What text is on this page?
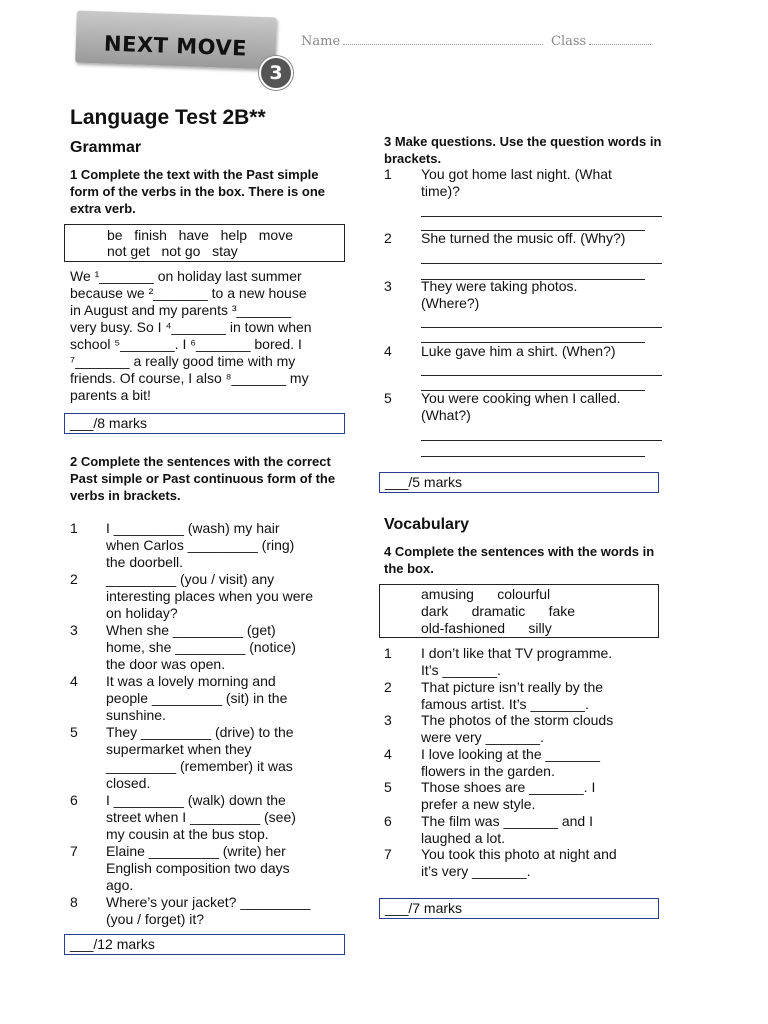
NEXT MOVE
3
Name	Class
Language Test 2B**
Grammar
1 Complete the text with the Past simple form of the verbs in the box. There is one extra verb.
be   finish   have   help   move
not get   not go   stay
___/8 marks
2 Complete the sentences with the correct Past simple or Past continuous form of the verbs in brackets.
___/12 marks
3 Make questions. Use the question words in brackets.
___/5 marks
Vocabulary
4 Complete the sentences with the words in the box.
amusing      colourful
dark      dramatic      fake
old-fashioned      silly
___/7 marks
We ¹_______ on holiday last summer
because we ²_______ to a new house
in August and my parents ³_______
very busy. So I ⁴_______ in town when
school ⁵_______. I ⁶_______ bored. I
⁷_______ a really good time with my
friends. Of course, I also ⁸_______ my
parents a bit!
1 I _________ (wash) my hair
when Carlos _________ (ring)
the doorbell.
2 _________ (you / visit) any
interesting places when you were
on holiday?
3 When she _________ (get)
home, she _________ (notice)
the door was open.
4 It was a lovely morning and
people _________ (sit) in the
sunshine.
5 They _________ (drive) to the
supermarket when they
_________ (remember) it was
closed.
6 I _________ (walk) down the
street when I _________ (see)
my cousin at the bus stop.
7 Elaine _________ (write) her
English composition two days
ago.
8 Where’s your jacket? _________
(you / forget) it?
1 You got home last night. (What
time)?
2 She turned the music off. (Why?)
3 They were taking photos.
(Where?)
4 Luke gave him a shirt. (When?)
5 You were cooking when I called.
(What?)
1 I don’t like that TV programme.
It’s _______.
2 That picture isn’t really by the
famous artist. It’s _______.
3 The photos of the storm clouds
were very _______.
4 I love looking at the _______
flowers in the garden.
5 Those shoes are _______. I
prefer a new style.
6 The film was _______ and I
laughed a lot.
7 You took this photo at night and
it’s very _______.
